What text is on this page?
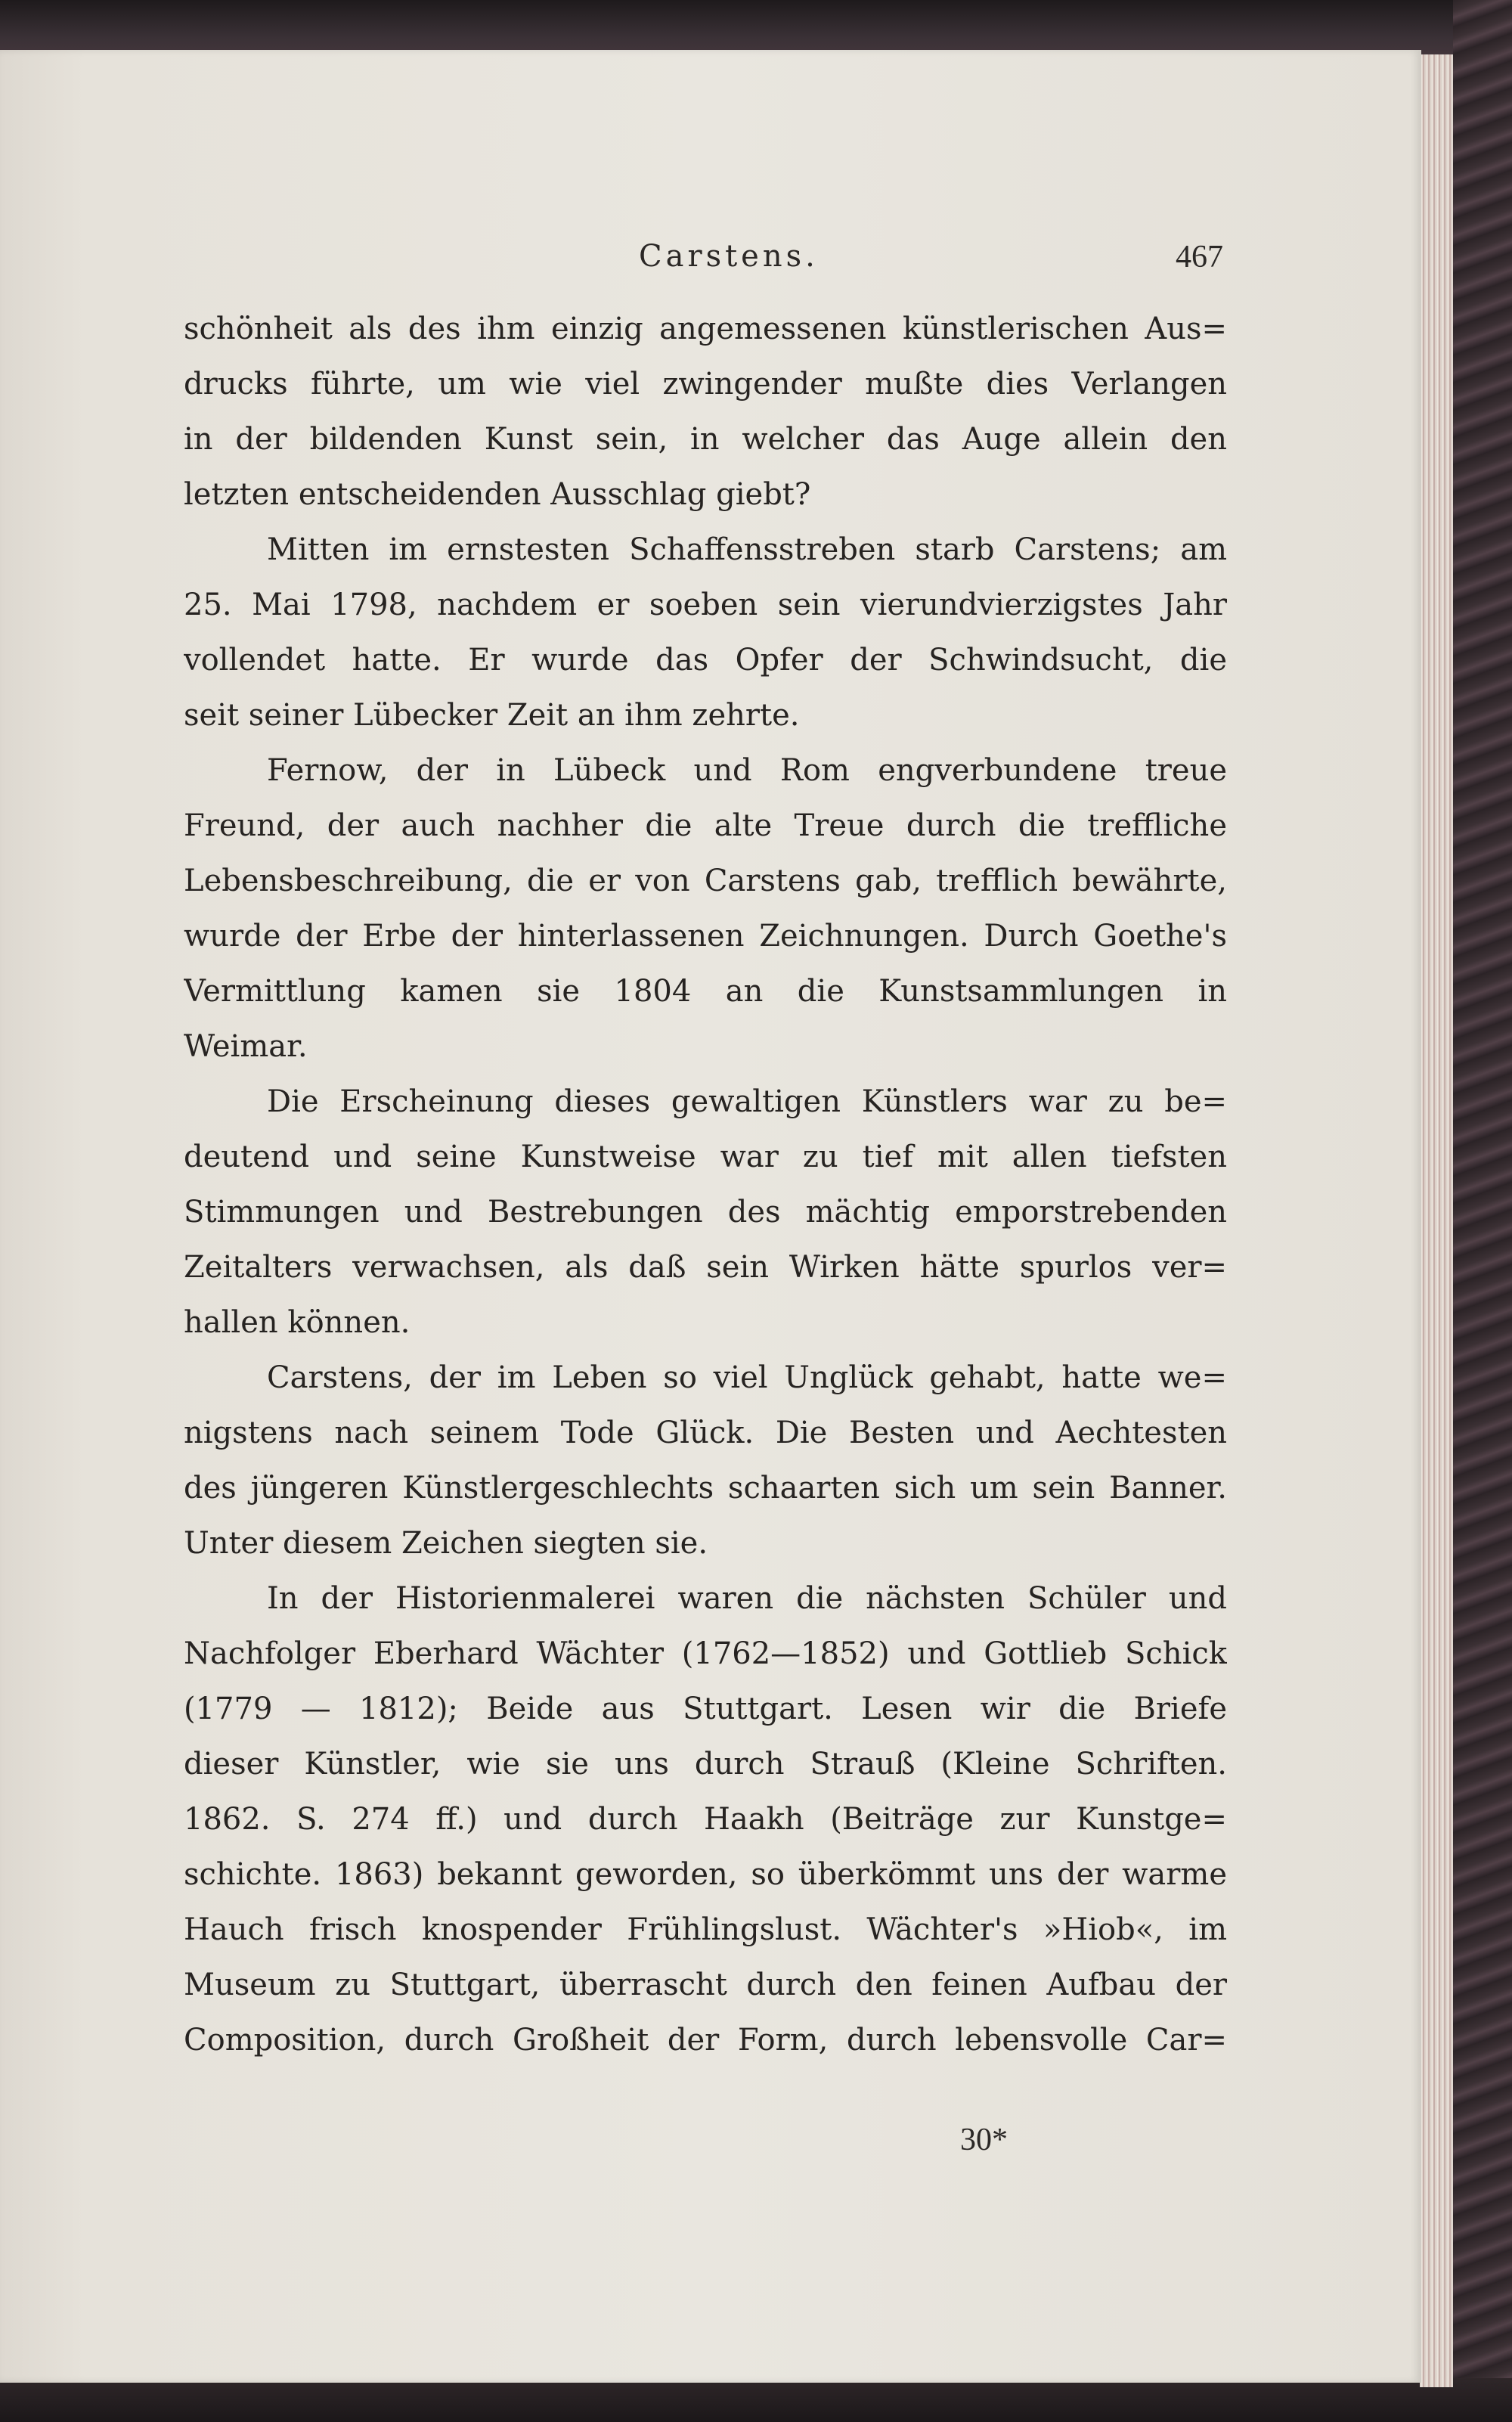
Carstens.	467
schönheit als des ihm einzig angemessenen künstlerischen Aus=
drucks führte, um wie viel zwingender mußte dies Verlangen
in der bildenden Kunst sein, in welcher das Auge allein den
letzten entscheidenden Ausschlag giebt?
Mitten im ernstesten Schaffensstreben starb Carstens; am
25. Mai 1798, nachdem er soeben sein vierundvierzigstes Jahr
vollendet hatte. Er wurde das Opfer der Schwindsucht, die
seit seiner Lübecker Zeit an ihm zehrte.
Fernow, der in Lübeck und Rom engverbundene treue
Freund, der auch nachher die alte Treue durch die treffliche
Lebensbeschreibung, die er von Carstens gab, trefflich bewährte,
wurde der Erbe der hinterlassenen Zeichnungen. Durch Goethe's
Vermittlung kamen sie 1804 an die Kunstsammlungen in
Weimar.
Die Erscheinung dieses gewaltigen Künstlers war zu be=
deutend und seine Kunstweise war zu tief mit allen tiefsten
Stimmungen und Bestrebungen des mächtig emporstrebenden
Zeitalters verwachsen, als daß sein Wirken hätte spurlos ver=
hallen können.
Carstens, der im Leben so viel Unglück gehabt, hatte we=
nigstens nach seinem Tode Glück. Die Besten und Aechtesten
des jüngeren Künstlergeschlechts schaarten sich um sein Banner.
Unter diesem Zeichen siegten sie.
In der Historienmalerei waren die nächsten Schüler und
Nachfolger Eberhard Wächter (1762—1852) und Gottlieb Schick
(1779 — 1812); Beide aus Stuttgart. Lesen wir die Briefe
dieser Künstler, wie sie uns durch Strauß (Kleine Schriften.
1862. S. 274 ff.) und durch Haakh (Beiträge zur Kunstge=
schichte. 1863) bekannt geworden, so überkömmt uns der warme
Hauch frisch knospender Frühlingslust. Wächter's »Hiob«, im
Museum zu Stuttgart, überrascht durch den feinen Aufbau der
Composition, durch Großheit der Form, durch lebensvolle Car=
30*
